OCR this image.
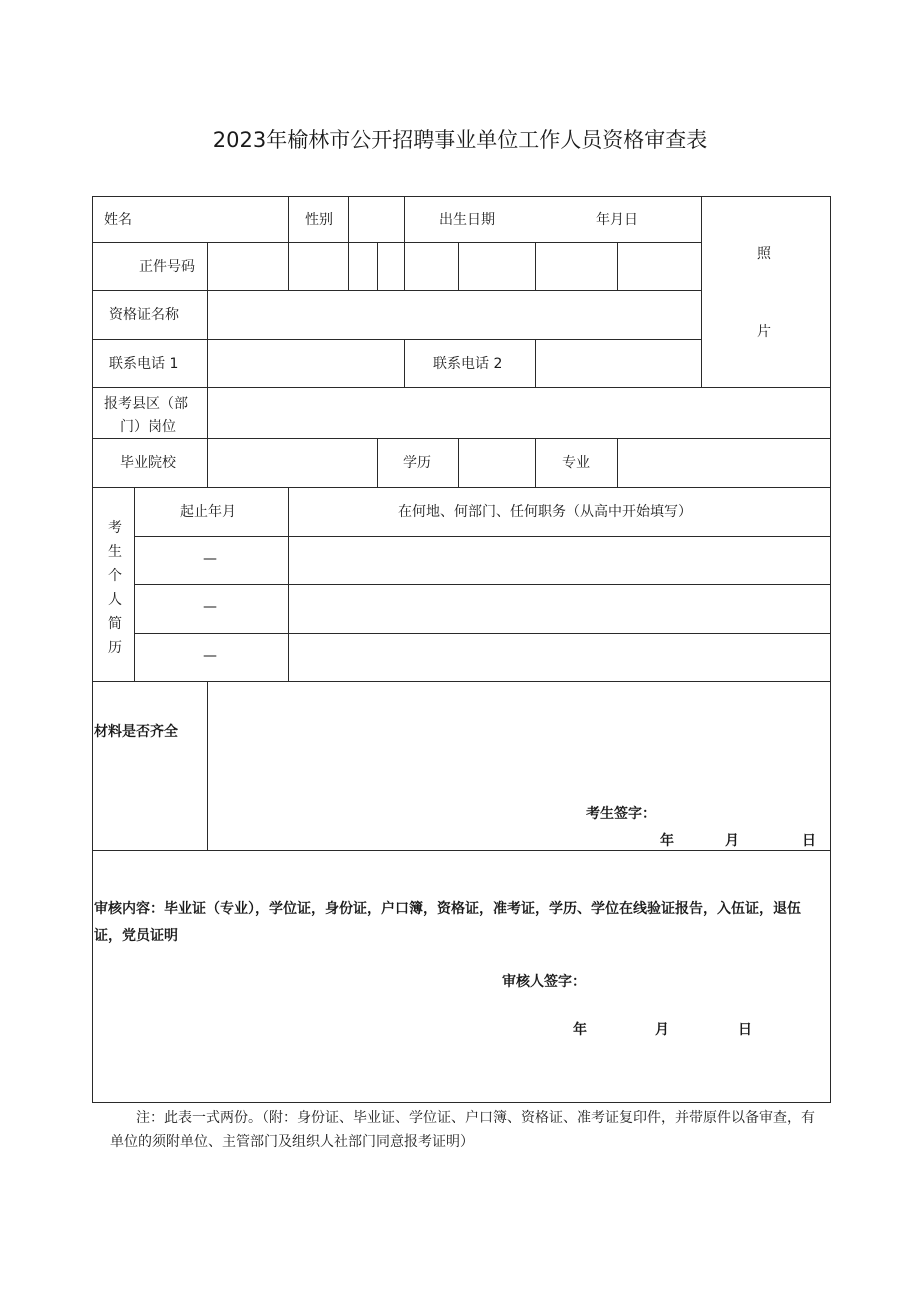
2023年榆林市公开招聘事业单位工作人员资格审查表
姓名	性别	出生日期	年月日
照
片
正件号码
资格证名称
联系电话 1	联系电话 2
报考县区（部
门）岗位
毕业院校	学历	专业
考
生
个
人
简
历
起止年月	在何地、何部门、任何职务（从高中开始填写）
—
—
—
材料是否齐全
考生签字：
年	月	日
审核内容：毕业证（专业），学位证，身份证，户口簿，资格证，准考证，学历、学位在线验证报告，入伍证，退伍证，党员证明
审核人签字：
年	月	日
注：此表一式两份。（附：身份证、毕业证、学位证、户口簿、资格证、准考证复印件，并带原件以备审查，有单位的须附单位、主管部门及组织人社部门同意报考证明）
